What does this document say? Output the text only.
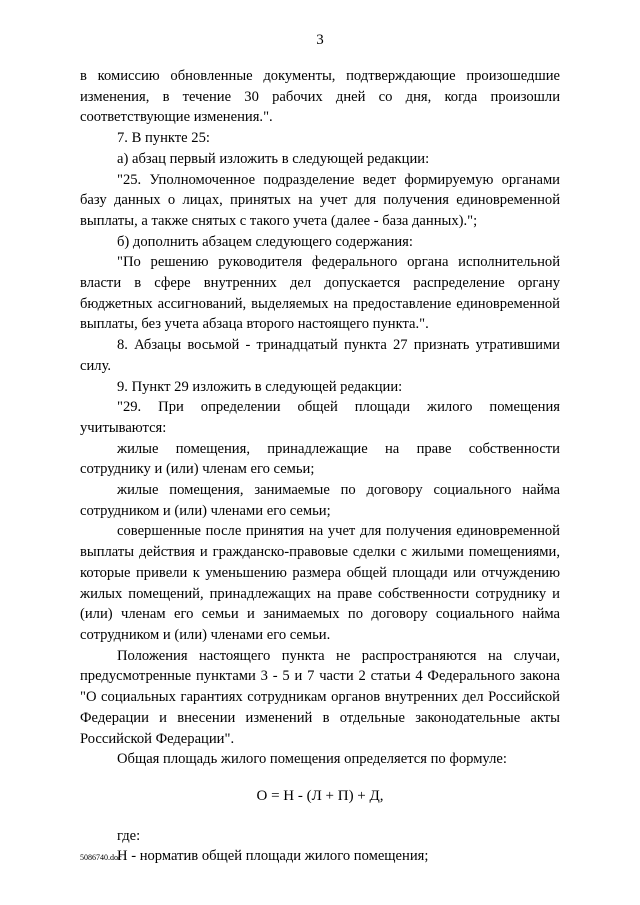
3

в комиссию обновленные документы, подтверждающие произошедшие изменения, в течение 30 рабочих дней со дня, когда произошли соответствующие изменения.".

7. В пункте 25:

а) абзац первый изложить в следующей редакции:

"25. Уполномоченное подразделение ведет формируемую органами базу данных о лицах, принятых на учет для получения единовременной выплаты, а также снятых с такого учета (далее - база данных).";

б) дополнить абзацем следующего содержания:

"По решению руководителя федерального органа исполнительной власти в сфере внутренних дел допускается распределение органу бюджетных ассигнований, выделяемых на предоставление единовременной выплаты, без учета абзаца второго настоящего пункта.".

8. Абзацы восьмой - тринадцатый пункта 27 признать утратившими силу.

9. Пункт 29 изложить в следующей редакции:

"29. При определении общей площади жилого помещения учитываются:

жилые помещения, принадлежащие на праве собственности сотруднику и (или) членам его семьи;

жилые помещения, занимаемые по договору социального найма сотрудником и (или) членами его семьи;

совершенные после принятия на учет для получения единовременной выплаты действия и гражданско-правовые сделки с жилыми помещениями, которые привели к уменьшению размера общей площади или отчуждению жилых помещений, принадлежащих на праве собственности сотруднику и (или) членам его семьи и занимаемых по договору социального найма сотрудником и (или) членами его семьи.

Положения настоящего пункта не распространяются на случаи, предусмотренные пунктами 3 - 5 и 7 части 2 статьи 4 Федерального закона "О социальных гарантиях сотрудникам органов внутренних дел Российской Федерации и внесении изменений в отдельные законодательные акты Российской Федерации".

Общая площадь жилого помещения определяется по формуле:

О = Н - (Л + П) + Д,

где:

Н - норматив общей площади жилого помещения;

5086740.doc
